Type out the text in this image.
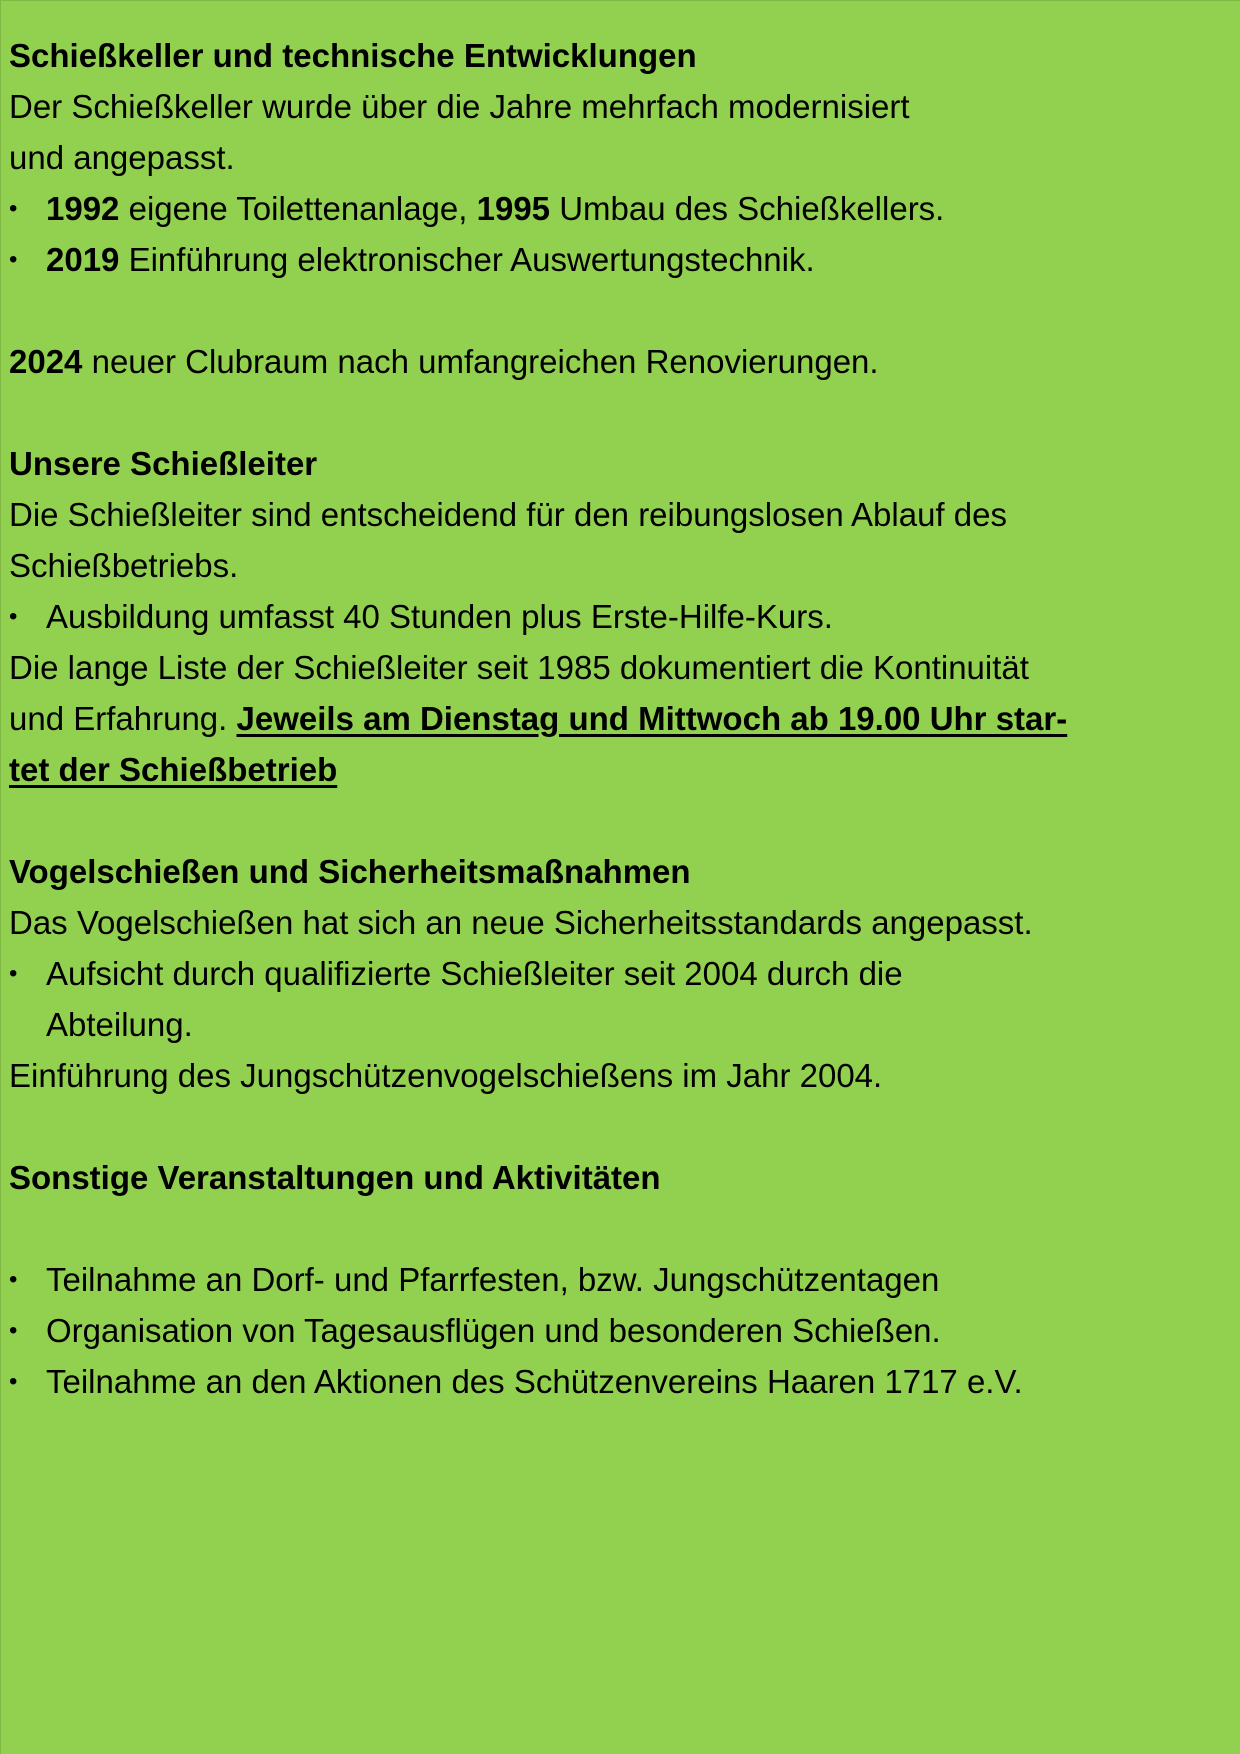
Schießkeller und technische Entwicklungen
Der Schießkeller wurde über die Jahre mehrfach modernisiert
und angepasst.
• 1992 eigene Toilettenanlage, 1995 Umbau des Schießkellers.
• 2019 Einführung elektronischer Auswertungstechnik.
2024 neuer Clubraum nach umfangreichen Renovierungen.
Unsere Schießleiter
Die Schießleiter sind entscheidend für den reibungslosen Ablauf des
Schießbetriebs.
• Ausbildung umfasst 40 Stunden plus Erste-Hilfe-Kurs.
Die lange Liste der Schießleiter seit 1985 dokumentiert die Kontinuität
und Erfahrung. Jeweils am Dienstag und Mittwoch ab 19.00 Uhr star-
tet der Schießbetrieb
Vogelschießen und Sicherheitsmaßnahmen
Das Vogelschießen hat sich an neue Sicherheitsstandards angepasst.
• Aufsicht durch qualifizierte Schießleiter seit 2004 durch die
Abteilung.
Einführung des Jungschützenvogelschießens im Jahr 2004.
Sonstige Veranstaltungen und Aktivitäten
• Teilnahme an Dorf- und Pfarrfesten, bzw. Jungschützentagen
• Organisation von Tagesausflügen und besonderen Schießen.
• Teilnahme an den Aktionen des Schützenvereins Haaren 1717 e.V.
